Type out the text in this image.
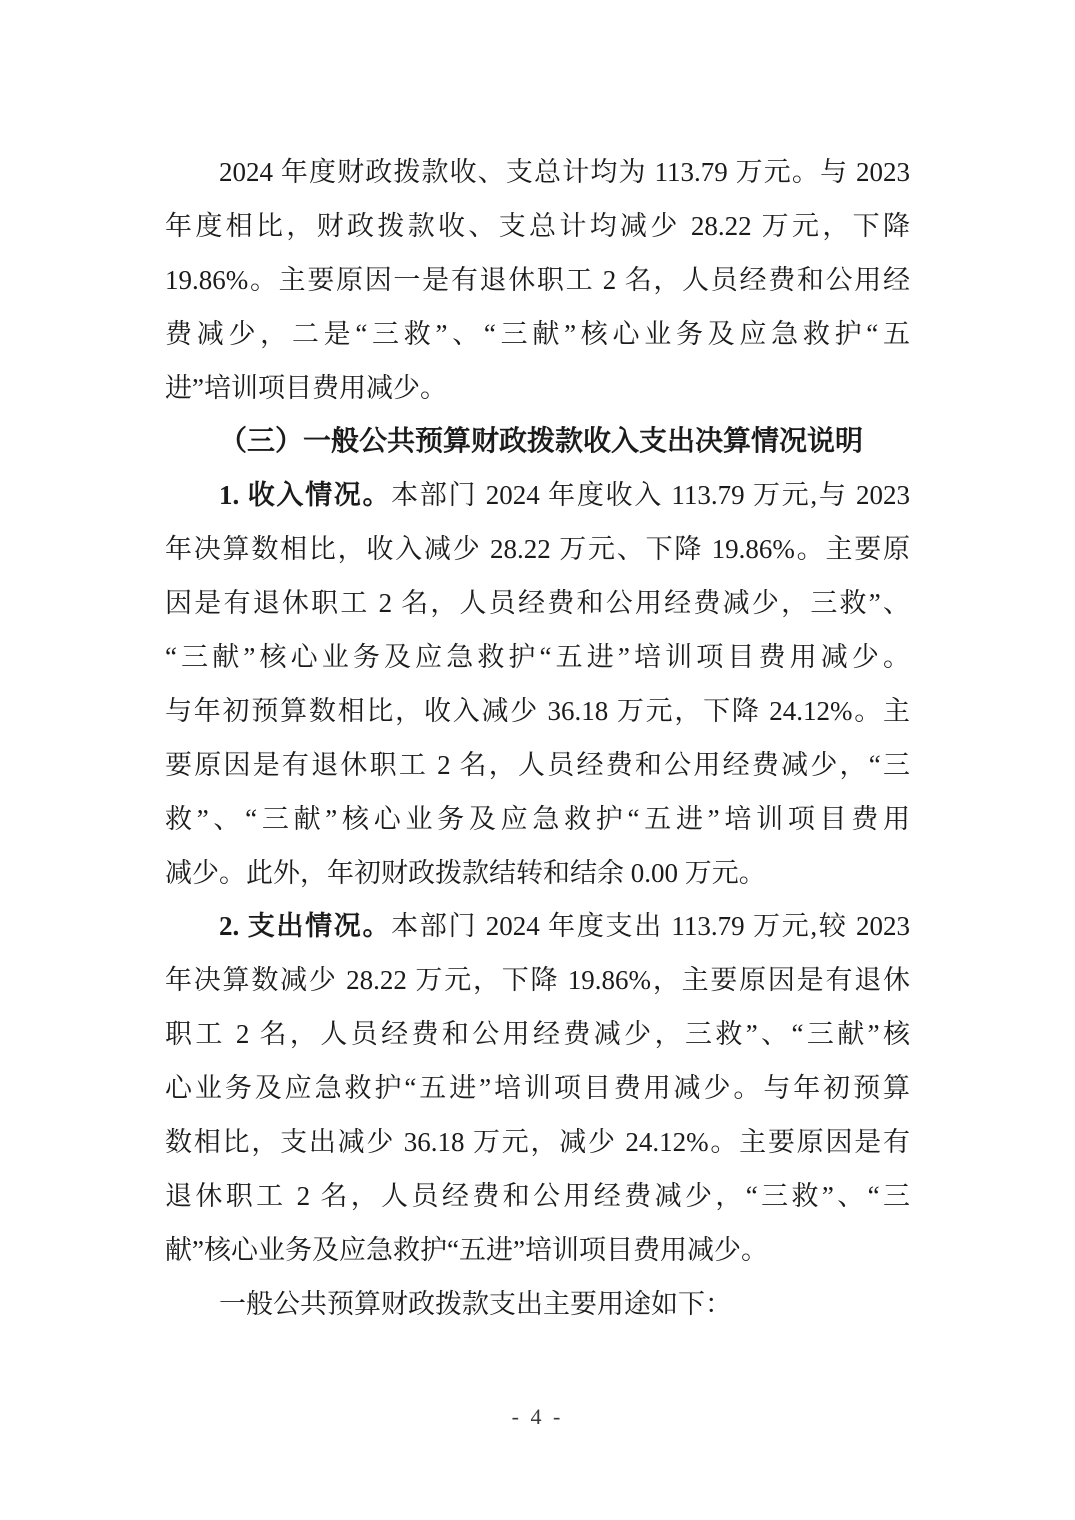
2024 年度财政拨款收、支总计均为 113.79 万元。与 2023
年度相比，财政拨款收、支总计均减少 28.22 万元，下降
19.86%。主要原因一是有退休职工 2 名，人员经费和公用经
费减少，二是“三救”、“三献”核心业务及应急救护“五
进”培训项目费用减少。
（三）一般公共预算财政拨款收入支出决算情况说明
1. 收入情况。本部门 2024 年度收入 113.79 万元,与 2023
年决算数相比，收入减少 28.22 万元、下降 19.86%。主要原
因是有退休职工 2 名，人员经费和公用经费减少，三救”、
“三献”核心业务及应急救护“五进”培训项目费用减少。
与年初预算数相比，收入减少 36.18 万元，下降 24.12%。主
要原因是有退休职工 2 名，人员经费和公用经费减少，“三
救”、“三献”核心业务及应急救护“五进”培训项目费用
减少。此外，年初财政拨款结转和结余 0.00 万元。
2. 支出情况。本部门 2024 年度支出 113.79 万元,较 2023
年决算数减少 28.22 万元，下降 19.86%，主要原因是有退休
职工 2 名，人员经费和公用经费减少，三救”、“三献”核
心业务及应急救护“五进”培训项目费用减少。与年初预算
数相比，支出减少 36.18 万元，减少 24.12%。主要原因是有
退休职工 2 名，人员经费和公用经费减少，“三救”、“三
献”核心业务及应急救护“五进”培训项目费用减少。
一般公共预算财政拨款支出主要用途如下：
- 4 -
